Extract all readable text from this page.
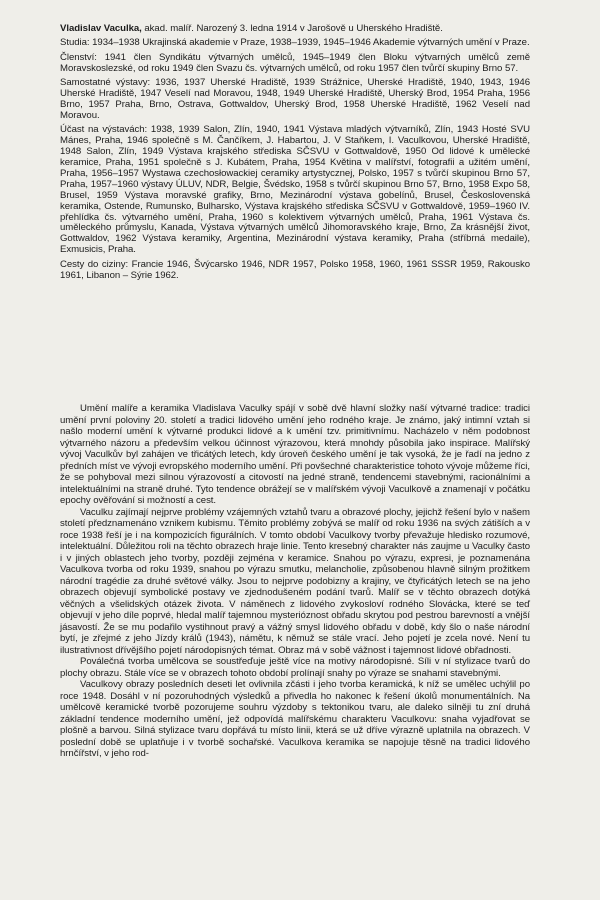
Vladislav Vaculka, akad. malíř. Narozený 3. ledna 1914 v Jarošově u Uherského Hradiště.

Studia: 1934–1938 Ukrajinská akademie v Praze, 1938–1939, 1945–1946 Akademie výtvarných umění v Praze.

Členství: 1941 člen Syndikátu výtvarných umělců, 1945–1949 člen Bloku výtvarných umělců země Moravskoslezské, od roku 1949 člen Svazu čs. výtvarných umělců, od roku 1957 člen tvůrčí skupiny Brno 57.

Samostatné výstavy: 1936, 1937 Uherské Hradiště, 1939 Strážnice, Uherské Hradiště, 1940, 1943, 1946 Uherské Hradiště, 1947 Veselí nad Moravou, 1948, 1949 Uherské Hradiště, Uherský Brod, 1954 Praha, 1956 Brno, 1957 Praha, Brno, Ostrava, Gottwaldov, Uherský Brod, 1958 Uherské Hradiště, 1962 Veselí nad Moravou.

Účast na výstavách: 1938, 1939 Salon, Zlín, 1940, 1941 Výstava mladých výtvarníků, Zlín, 1943 Hosté SVU Mánes, Praha, 1946 společně s M. Čančíkem, J. Habartou, J. V Staňkem, I. Vaculkovou, Uherské Hradiště, 1948 Salon, Zlín, 1949 Výstava krajského střediska SČSVU v Gottwaldově, 1950 Od lidové k umělecké keramice, Praha, 1951 společně s J. Kubátem, Praha, 1954 Květina v malířství, fotografii a užitém umění, Praha, 1956–1957 Wystawa czechosłowackiej ceramiky artystycznej, Polsko, 1957 s tvůrčí skupinou Brno 57, Praha, 1957–1960 výstavy ÚLUV, NDR, Belgie, Švédsko, 1958 s tvůrčí skupinou Brno 57, Brno, 1958 Expo 58, Brusel, 1959 Výstava moravské grafiky, Brno, Mezinárodní výstava gobelínů, Brusel, Československá keramika, Ostende, Rumunsko, Bulharsko, Výstava krajského střediska SČSVU v Gottwaldově, 1959–1960 IV. přehlídka čs. výtvarného umění, Praha, 1960 s kolektivem výtvarných umělců, Praha, 1961 Výstava čs. uměleckého průmyslu, Kanada, Výstava výtvarných umělců Jihomoravského kraje, Brno, Za krásnější život, Gottwaldov, 1962 Výstava keramiky, Argentina, Mezinárodní výstava keramiky, Praha (stříbrná medaile), Exmusicis, Praha.

Cesty do ciziny: Francie 1946, Švýcarsko 1946, NDR 1957, Polsko 1958, 1960, 1961 SSSR 1959, Rakousko 1961, Libanon – Sýrie 1962.

Umění malíře a keramika Vladislava Vaculky spájí v sobě dvě hlavní složky naší výtvarné tradice: tradici umění první poloviny 20. století a tradici lidového umění jeho rodného kraje. Je známo, jaký intimní vztah si našlo moderní umění k výtvarné produkci lidové a k umění tzv. primitivnímu. Nacházelo v něm podobnost výtvarného názoru a především velkou účinnost výrazovou, která mnohdy působila jako inspirace. Malířský vývoj Vaculkův byl zahájen ve třicátých letech, kdy úroveň českého umění je tak vysoká, že je řadí na jedno z předních míst ve vývoji evropského moderního umění. Při povšechné charakteristice tohoto vývoje můžeme říci, že se pohyboval mezi silnou výrazovostí a citovostí na jedné straně, tendencemi stavebnými, racionálními a intelektuálními na straně druhé. Tyto tendence obrážejí se v malířském vývoji Vaculkově a znamenají v počátku epochy ověřování si možností a cest.

Vaculku zajímají nejprve problémy vzájemných vztahů tvaru a obrazové plochy, jejichž řešení bylo v našem století předznamenáno vznikem kubismu. Těmito problémy zobývá se malíř od roku 1936 na svých zátiších a v roce 1938 řeší je i na kompozicích figurálních. V tomto období Vaculkovy tvorby převažuje hledisko rozumové, intelektuální. Důležitou roli na těchto obrazech hraje linie. Tento kresebný charakter nás zaujme u Vaculky často i v jiných oblastech jeho tvorby, později zejména v keramice. Snahou po výrazu, expresi, je poznamenána Vaculkova tvorba od roku 1939, snahou po výrazu smutku, melancholie, způsobenou hlavně silným prožitkem národní tragédie za druhé světové války. Jsou to nejprve podobizny a krajiny, ve čtyřicátých letech se na jeho obrazech objevují symbolické postavy ve zjednodušeném podání tvarů. Malíř se v těchto obrazech dotýká věčných a všelidských otázek života. V náměnech z lidového zvykosloví rodného Slovácka, které se teď objevují v jeho díle poprvé, hledal malíř tajemnou mysterióznost obřadu skrytou pod pestrou barevností a vnější jásavostí. Že se mu podařilo vystihnout pravý a vážný smysl lidového obřadu v době, kdy šlo o naše národní bytí, je zřejmé z jeho Jízdy králů (1943), námětu, k němuž se stále vrací. Jeho pojetí je zcela nové. Není tu ilustrativnost dřívějšího pojetí národopisných témat. Obraz má v sobě vážnost i tajemnost lidové obřadnosti.

Poválečná tvorba umělcova se soustřeďuje ještě více na motivy národopisné. Síli v ní stylizace tvarů do plochy obrazu. Stále více se v obrazech tohoto období prolínají snahy po výraze se snahami stavebnými.

Vaculkovy obrazy posledních deseti let ovlivnila zčásti i jeho tvorba keramická, k níž se umělec uchýlil po roce 1948. Dosáhl v ní pozoruhodných výsledků a přivedla ho nakonec k řešení úkolů monumentálních. Na umělcově keramické tvorbě pozorujeme souhru výzdoby s tektonikou tvaru, ale daleko silněji tu zní druhá základní tendence moderního umění, jež odpovídá malířskému charakteru Vaculkovu: snaha vyjadřovat se plošně a barvou. Silná stylizace tvaru dopřává tu místo linii, která se už dříve výrazně uplatnila na obrazech. V poslední době se uplatňuje i v tvorbě sochařské. Vaculkova keramika se napojuje těsně na tradici lidového hrnčířství, v jeho rod-
